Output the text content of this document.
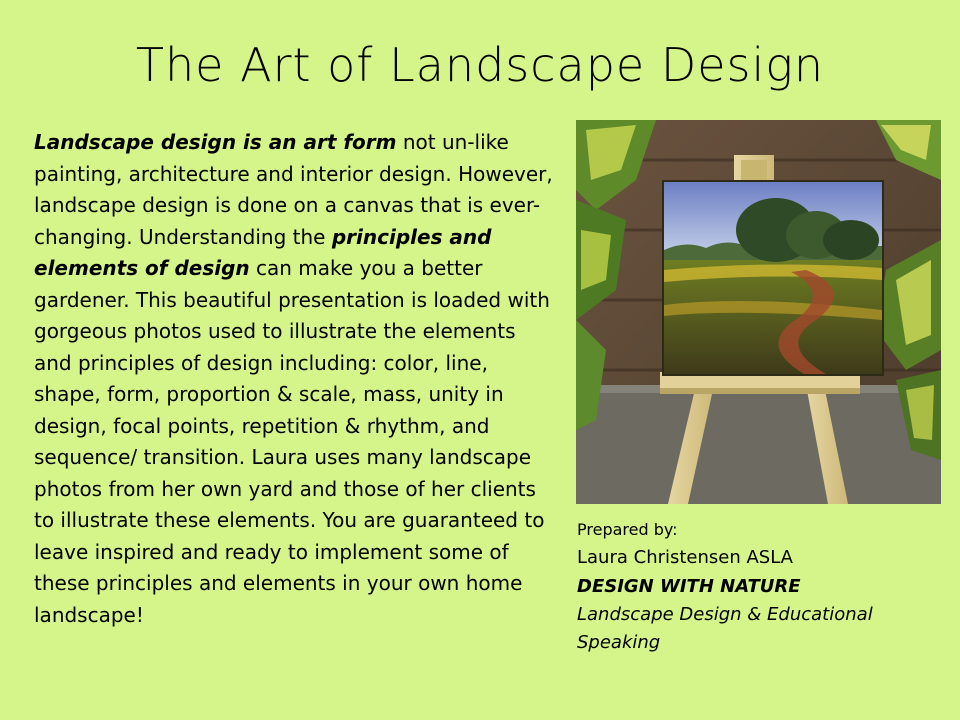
The Art of Landscape Design

Landscape design is an art form not un-like painting, architecture and interior design. However, landscape design is done on a canvas that is ever-changing. Understanding the principles and elements of design can make you a better gardener. This beautiful presentation is loaded with gorgeous photos used to illustrate the elements and principles of design including: color, line, shape, form, proportion & scale, mass, unity in design, focal points, repetition & rhythm, and sequence/ transition. Laura uses many landscape photos from her own yard and those of her clients to illustrate these elements. You are guaranteed to leave inspired and ready to implement some of these principles and elements in your own home landscape!

Prepared by:
Laura Christensen ASLA
DESIGN WITH NATURE
Landscape Design & Educational Speaking
